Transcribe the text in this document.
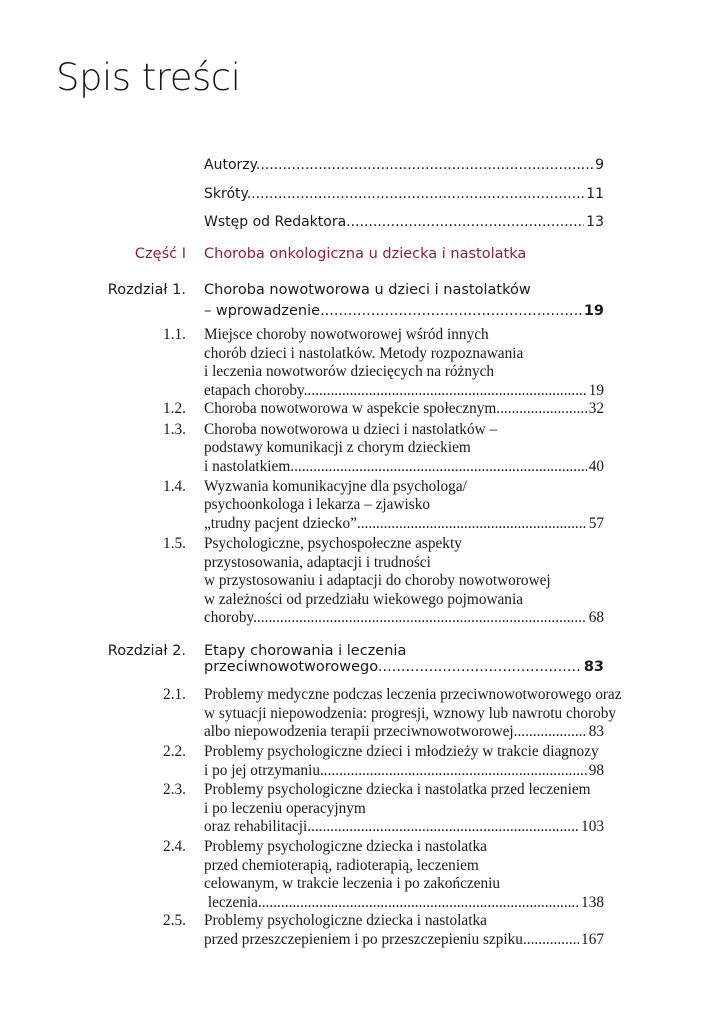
Spis treści
Autorzy .....	9
Skróty .....	11
Wstęp od Redaktora .....	13
Część I Choroba onkologiczna u dziecka i nastolatka
Rozdział 1. Choroba nowotworowa u dzieci i nastolatków
– wprowadzenie .....	19
1.1. Miejsce choroby nowotworowej wśród innych
chorób dzieci i nastolatków. Metody rozpoznawania
i leczenia nowotworów dziecięcych na różnych
etapach choroby .....	19
1.2. Choroba nowotworowa w aspekcie społecznym .....	32
1.3. Choroba nowotworowa u dzieci i nastolatków –
podstawy komunikacji z chorym dzieckiem
i nastolatkiem .....	40
1.4. Wyzwania komunikacyjne dla psychologa/
psychoonkologa i lekarza – zjawisko
„trudny pacjent dziecko” .....	57
1.5. Psychologiczne, psychospołeczne aspekty
przystosowania, adaptacji i trudności
w przystosowaniu i adaptacji do choroby nowotworowej
w zależności od przedziału wiekowego pojmowania
choroby .....	68
Rozdział 2. Etapy chorowania i leczenia
przeciwnowotworowego .....	83
2.1. Problemy medyczne podczas leczenia przeciwnowotworowego oraz
w sytuacji niepowodzenia: progresji, wznowy lub nawrotu choroby
albo niepowodzenia terapii przeciwnowotworowej .....	83
2.2. Problemy psychologiczne dzieci i młodzieży w trakcie diagnozy
i po jej otrzymaniu .....	98
2.3. Problemy psychologiczne dziecka i nastolatka przed leczeniem
i po leczeniu operacyjnym
oraz rehabilitacji .....	103
2.4. Problemy psychologiczne dziecka i nastolatka
przed chemioterapią, radioterapią, leczeniem
celowanym, w trakcie leczenia i po zakończeniu
leczenia .....	138
2.5. Problemy psychologiczne dziecka i nastolatka
przed przeszczepieniem i po przeszczepieniu szpiku .....	167
